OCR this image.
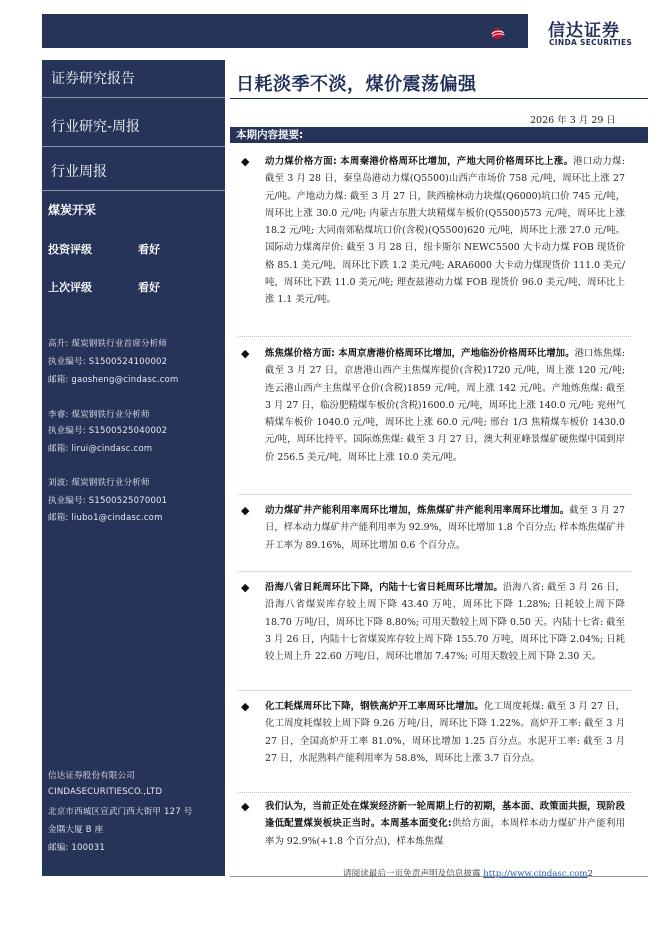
信达证券
CINDA SECURITIES
证券研究报告
行业研究-周报
行业周报
煤炭开采
投资评级	看好
上次评级	看好
高升: 煤炭钢铁行业首席分析师
执业编号: S1500524100002
邮箱: gaosheng@cindasc.com
李睿: 煤炭钢铁行业分析师
执业编号: S1500525040002
邮箱: lirui@cindasc.com
刘波: 煤炭钢铁行业分析师
执业编号: S1500525070001
邮箱: liubo1@cindasc.com
信达证券股份有限公司
CINDASECURITIESCO.,LTD
北京市西城区宣武门西大街甲 127 号
金隅大厦 B 座
邮编: 100031
日耗淡季不淡，煤价震荡偏强
2026 年 3 月 29 日
本期内容提要:
◆ 动力煤价格方面: 本周秦港价格周环比增加，产地大同价格周环比上涨。港口动力煤: 截至 3 月 28 日，秦皇岛港动力煤(Q5500)山西产市场价 758 元/吨，周环比上涨 27 元/吨。产地动力煤: 截至 3 月 27 日，陕西榆林动力块煤(Q6000)坑口价 745 元/吨，周环比上涨 30.0 元/吨; 内蒙古东胜大块精煤车板价(Q5500)573 元/吨，周环比上涨 18.2 元/吨; 大同南郊粘煤坑口价(含税)(Q5500)620 元/吨，周环比上涨 27.0 元/吨。国际动力煤离岸价: 截至 3 月 28 日，纽卡斯尔 NEWC5500 大卡动力煤 FOB 现货价格 85.1 美元/吨，周环比下跌 1.2 美元/吨; ARA6000 大卡动力煤现货价 111.0 美元/吨，周环比下跌 11.0 美元/吨; 理查兹港动力煤 FOB 现货价 96.0 美元/吨，周环比上涨 1.1 美元/吨。
◆ 炼焦煤价格方面: 本周京唐港价格周环比增加，产地临汾价格周环比增加。港口炼焦煤: 截至 3 月 27 日，京唐港山西产主焦煤库提价(含税)1720 元/吨，周上涨 120 元/吨; 连云港山西产主焦煤平仓价(含税)1859 元/吨，周上涨 142 元/吨。产地炼焦煤: 截至 3 月 27 日，临汾肥精煤车板价(含税)1600.0 元/吨，周环比上涨 140.0 元/吨; 兖州气精煤车板价 1040.0 元/吨，周环比上涨 60.0 元/吨; 邢台 1/3 焦精煤车板价 1430.0 元/吨，周环比持平。国际炼焦煤: 截至 3 月 27 日，澳大利亚峰景煤矿硬焦煤中国到岸价 256.5 美元/吨，周环比上涨 10.0 美元/吨。
◆ 动力煤矿井产能利用率周环比增加，炼焦煤矿井产能利用率周环比增加。截至 3 月 27 日，样本动力煤矿井产能利用率为 92.9%，周环比增加 1.8 个百分点; 样本炼焦煤矿井开工率为 89.16%，周环比增加 0.6 个百分点。
◆ 沿海八省日耗周环比下降，内陆十七省日耗周环比增加。沿海八省: 截至 3 月 26 日，沿海八省煤炭库存较上周下降 43.40 万吨，周环比下降 1.28%; 日耗较上周下降 18.70 万吨/日，周环比下降 8.80%; 可用天数较上周下降 0.50 天。内陆十七省: 截至 3 月 26 日，内陆十七省煤炭库存较上周下降 155.70 万吨，周环比下降 2.04%; 日耗较上周上升 22.60 万吨/日，周环比增加 7.47%; 可用天数较上周下降 2.30 天。
◆ 化工耗煤周环比下降，钢铁高炉开工率周环比增加。化工周度耗煤: 截至 3 月 27 日，化工周度耗煤较上周下降 9.26 万吨/日，周环比下降 1.22%。高炉开工率: 截至 3 月 27 日，全国高炉开工率 81.0%，周环比增加 1.25 百分点。水泥开工率: 截至 3 月 27 日，水泥熟料产能利用率为 58.8%，周环比上涨 3.7 百分点。
◆ 我们认为，当前正处在煤炭经济新一轮周期上行的初期，基本面、政策面共振，现阶段逢低配置煤炭板块正当时。本周基本面变化:供给方面，本周样本动力煤矿井产能利用率为 92.9%(+1.8 个百分点)，样本炼焦煤
请阅读最后一页免责声明及信息披露 http://www.cindasc.com2
